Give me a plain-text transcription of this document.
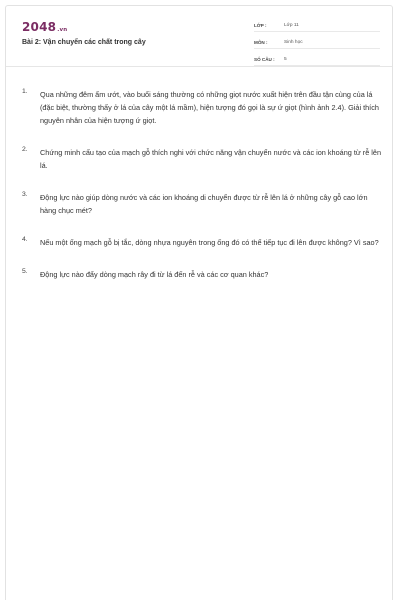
2048.vn
Bài 2: Vận chuyển các chất trong cây
LỚP :	Lớp 11
MÔN :	Sinh học
SỐ CÂU :	5
1.	Qua những đêm ẩm ướt, vào buổi sáng thường có những giọt nước xuất hiện trên đầu tận cùng của lá (đặc biệt, thường thấy ở lá của cây một lá mầm), hiện tượng đó gọi là sự ứ giọt (hình ảnh 2.4). Giải thích nguyên nhân của hiện tượng ứ giọt.
2.	Chứng minh cấu tạo của mạch gỗ thích nghi với chức năng vận chuyển nước và các ion khoáng từ rễ lên lá.
3.	Động lực nào giúp dòng nước và các ion khoáng di chuyển được từ rễ lên lá ở những cây gỗ cao lớn hàng chục mét?
4.	Nếu một ống mạch gỗ bị tắc, dòng nhựa nguyên trong ống đó có thể tiếp tục đi lên được không? Vì sao?
5.	Động lực nào đẩy dòng mạch rây đi từ lá đến rễ và các cơ quan khác?
